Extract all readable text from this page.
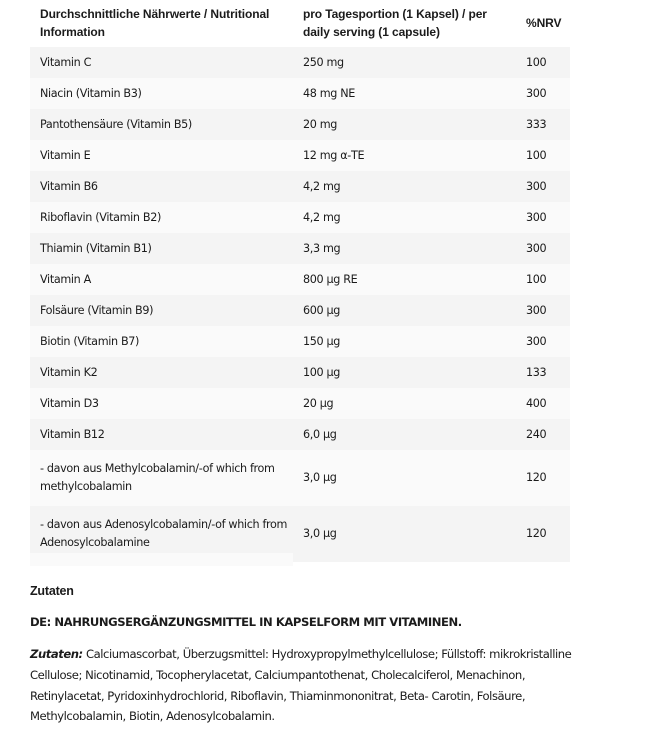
Durchschnittliche Nährwerte / Nutritional Information	pro Tagesportion (1 Kapsel) / per daily serving (1 capsule)	%NRV
Vitamin C	250 mg	100
Niacin (Vitamin B3)	48 mg NE	300
Pantothensäure (Vitamin B5)	20 mg	333
Vitamin E	12 mg α-TE	100
Vitamin B6	4,2 mg	300
Riboflavin (Vitamin B2)	4,2 mg	300
Thiamin (Vitamin B1)	3,3 mg	300
Vitamin A	800 µg RE	100
Folsäure (Vitamin B9)	600 µg	300
Biotin (Vitamin B7)	150 µg	300
Vitamin K2	100 µg	133
Vitamin D3	20 µg	400
Vitamin B12	6,0 µg	240
- davon aus Methylcobalamin/-of which from methylcobalamin	3,0 µg	120
- davon aus Adenosylcobalamin/-of which from Adenosylcobalamine	3,0 µg	120
Zutaten

DE: NAHRUNGSERGÄNZUNGSMITTEL IN KAPSELFORM MIT VITAMINEN.

Zutaten: Calciumascorbat, Überzugsmittel: Hydroxypropylmethylcellulose; Füllstoff: mikrokristalline Cellulose; Nicotinamid, Tocopherylacetat, Calciumpantothenat, Cholecalciferol, Menachinon, Retinylacetat, Pyridoxinhydrochlorid, Riboflavin, Thiaminmononitrat, Beta- Carotin, Folsäure, Methylcobalamin, Biotin, Adenosylcobalamin.
